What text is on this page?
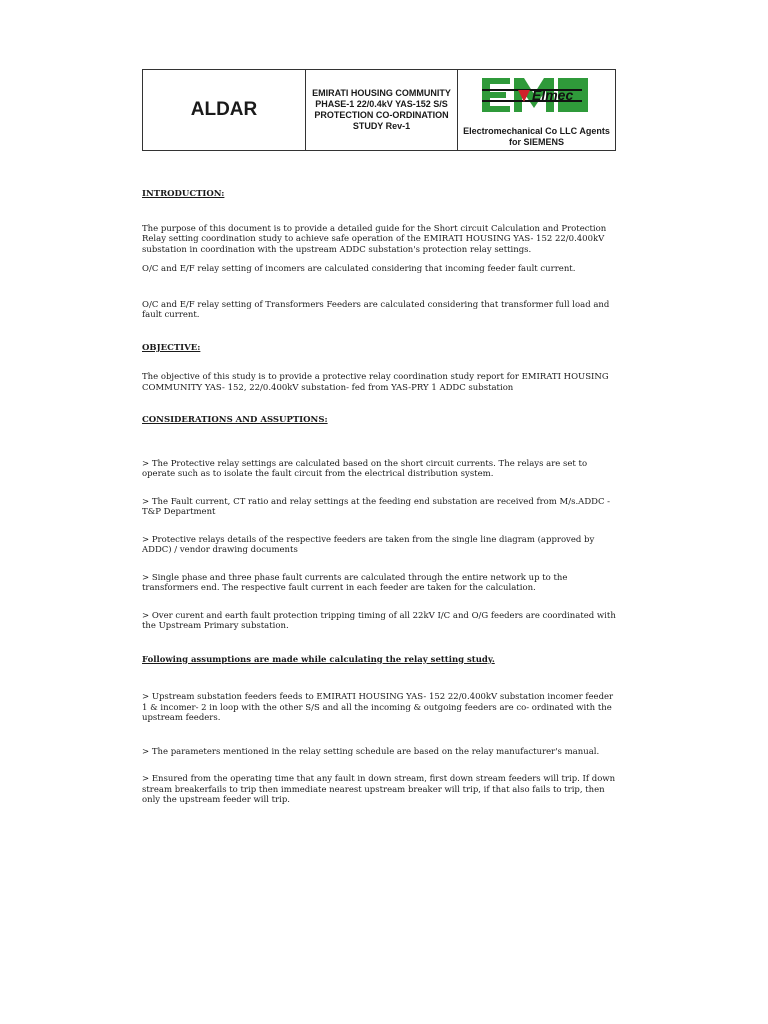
ALDAR
EMIRATI HOUSING COMMUNITY
PHASE-1 22/0.4kV YAS-152 S/S
PROTECTION CO-ORDINATION
STUDY Rev-1
Elmec
Electromechanical Co LLC Agents
for SIEMENS

INTRODUCTION:

The purpose of this document is to provide a detailed guide for the Short circuit Calculation and Protection Relay setting coordination study to achieve safe operation of the EMIRATI HOUSING YAS- 152 22/0.400kV substation in coordination with the upstream ADDC substation's protection relay settings.

O/C and E/F relay setting of incomers are calculated considering that incoming feeder fault current.

O/C and E/F relay setting of Transformers Feeders are calculated considering that transformer full load and fault current.

OBJECTIVE:

The objective of this study is to provide a protective relay coordination study report for EMIRATI HOUSING COMMUNITY YAS- 152, 22/0.400kV substation- fed from YAS-PRY 1 ADDC substation

CONSIDERATIONS AND ASSUPTIONS:

> The Protective relay settings are calculated based on the short circuit currents. The relays are set to operate such as to isolate the fault circuit from the electrical distribution system.

> The Fault current, CT ratio and relay settings at the feeding end substation are received from M/s.ADDC - T&P Department

> Protective relays details of the respective feeders are taken from the single line diagram (approved by ADDC) / vendor drawing documents

> Single phase and three phase fault currents are calculated through the entire network up to the transformers end. The respective fault current in each feeder are taken for the calculation.

> Over curent and earth fault protection tripping timing of all 22kV I/C and O/G feeders are coordinated with the Upstream Primary substation.

Following assumptions are made while calculating the relay setting study.

> Upstream substation feeders feeds to EMIRATI HOUSING YAS- 152 22/0.400kV substation incomer feeder 1 & incomer- 2 in loop with the other S/S and all the incoming & outgoing feeders are co- ordinated with the upstream feeders.

> The parameters mentioned in the relay setting schedule are based on the relay manufacturer's manual.

> Ensured from the operating time that any fault in down stream, first down stream feeders will trip. If down stream breakerfails to trip then immediate nearest upstream breaker will trip, if that also fails to trip, then only the upstream feeder will trip.
